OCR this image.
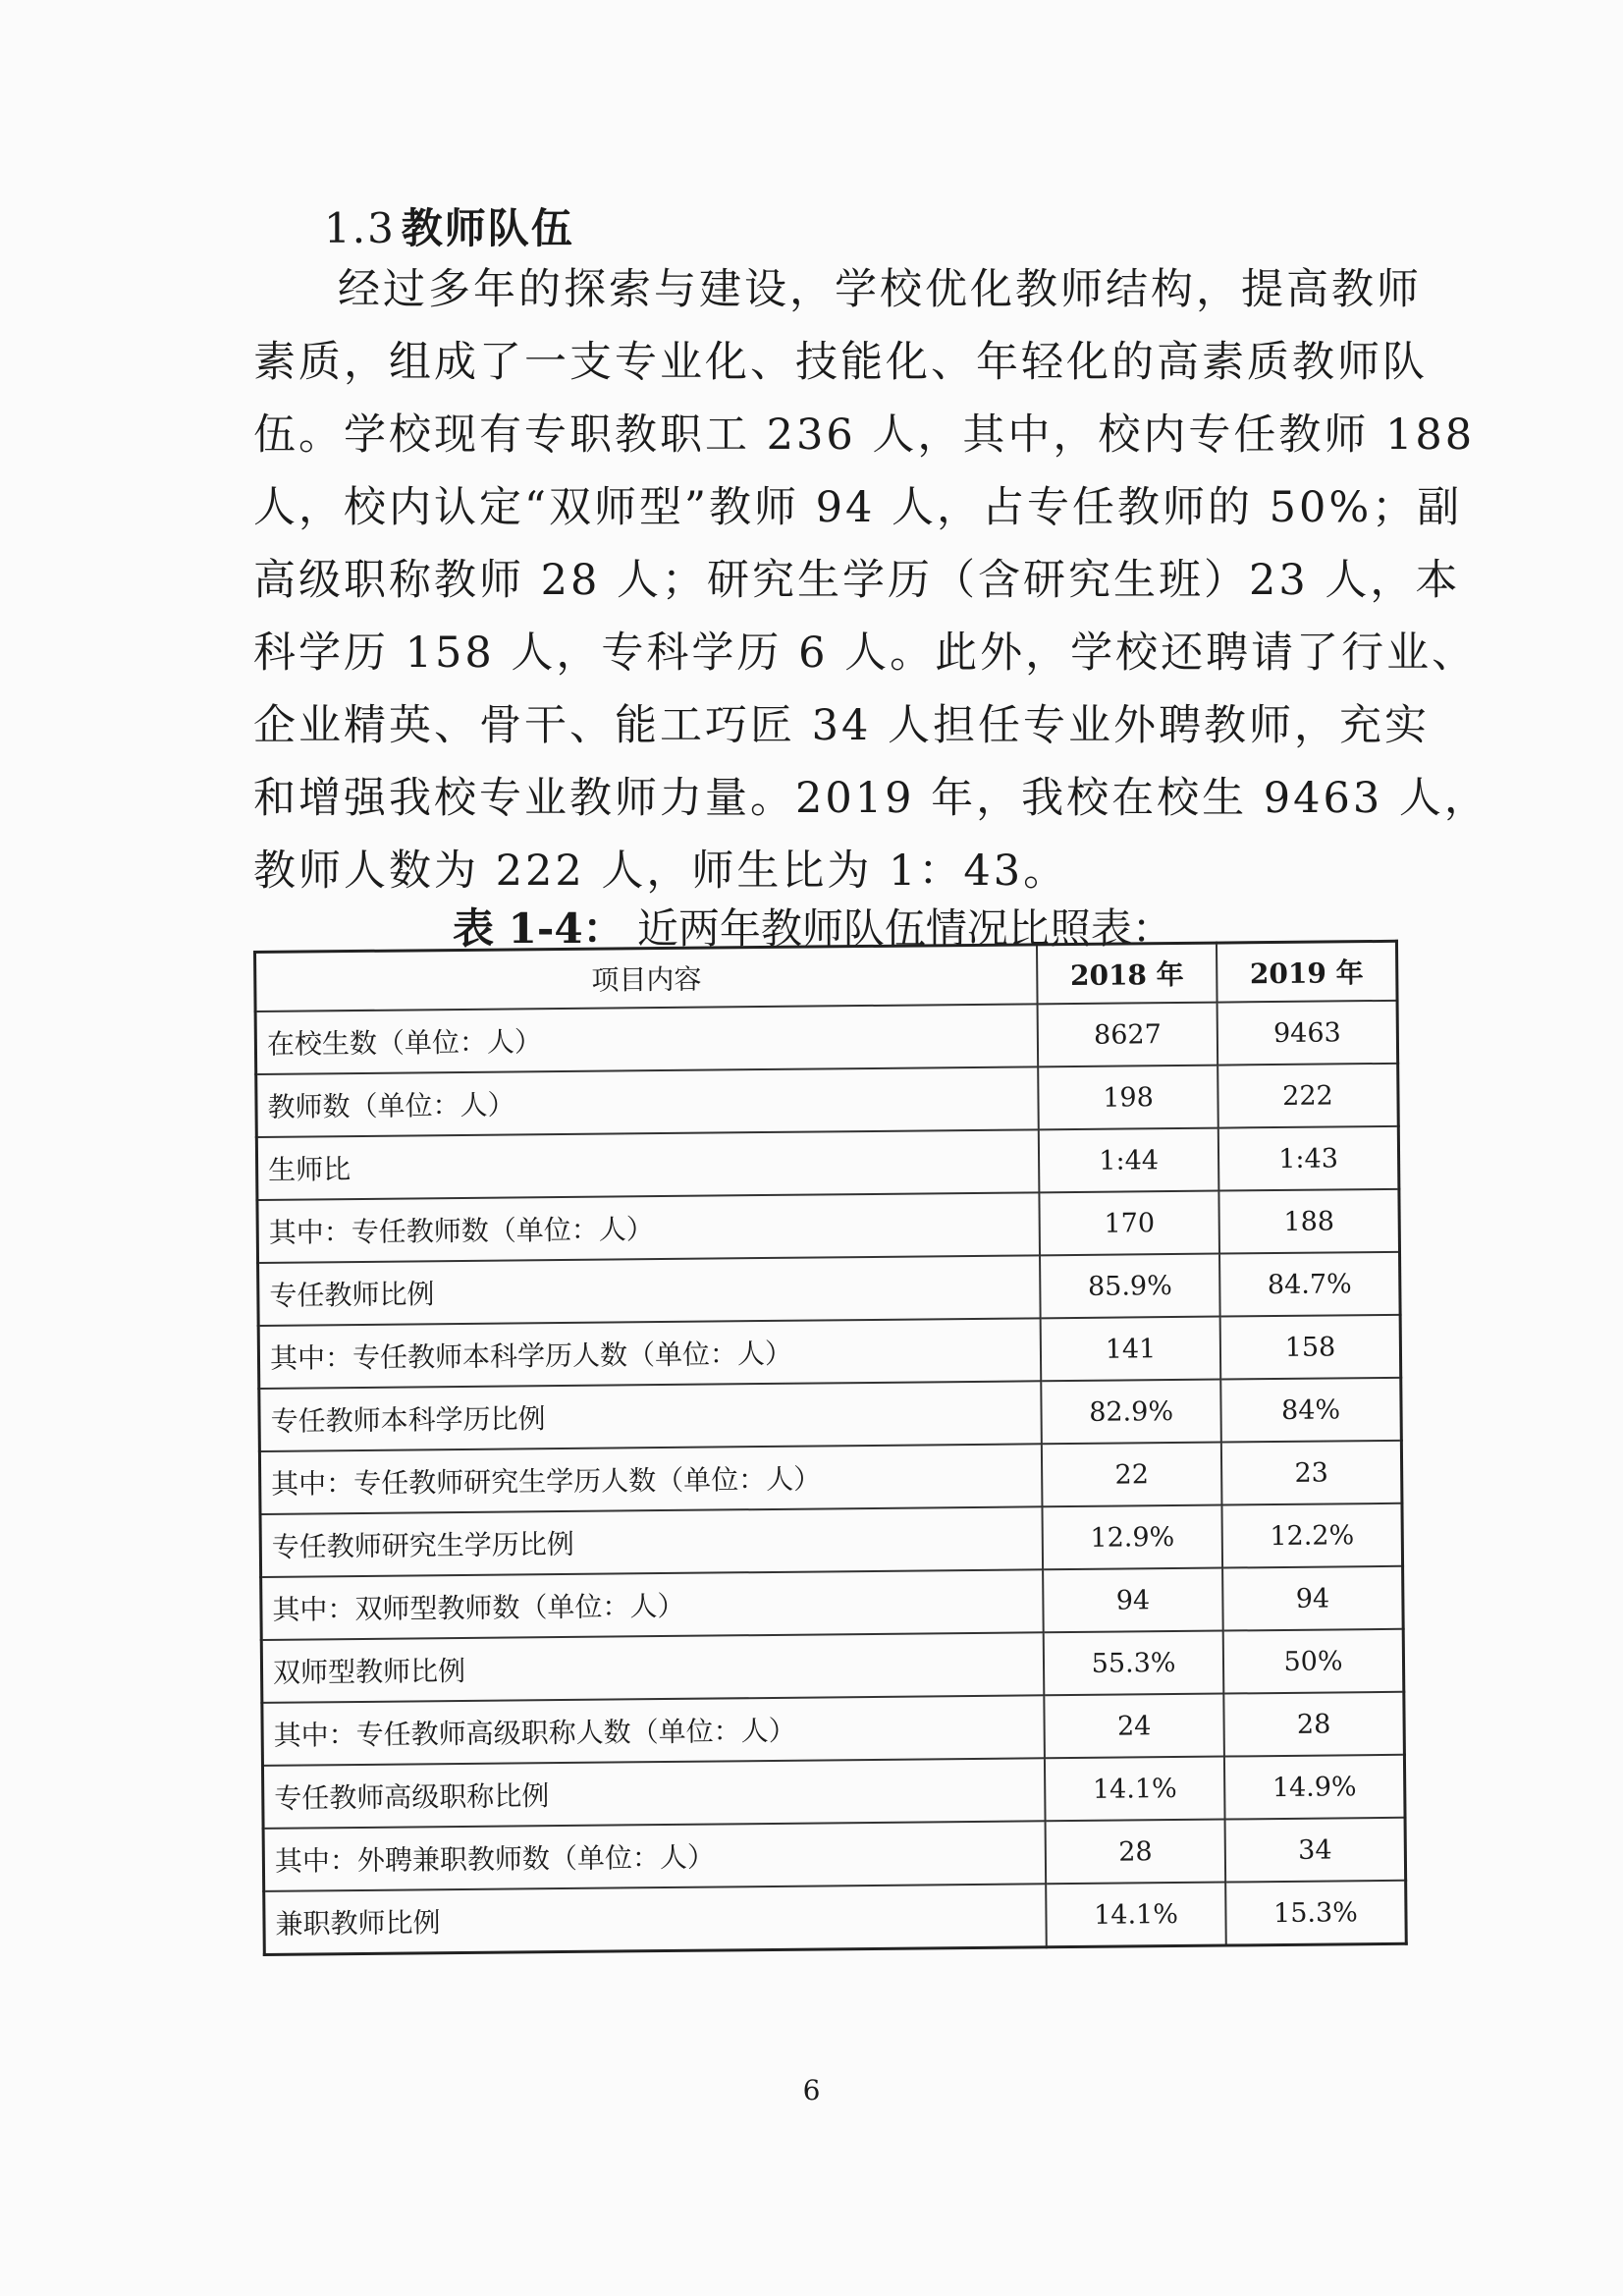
1.3 教师队伍
经过多年的探索与建设，学校优化教师结构，提高教师
素质，组成了一支专业化、技能化、年轻化的高素质教师队
伍。学校现有专职教职工 236 人，其中，校内专任教师 188
人，校内认定“双师型”教师 94 人，占专任教师的 50%；副
高级职称教师 28 人；研究生学历（含研究生班）23 人，本
科学历 158 人，专科学历 6 人。此外，学校还聘请了行业、
企业精英、骨干、能工巧匠 34 人担任专业外聘教师，充实
和增强我校专业教师力量。2019 年，我校在校生 9463 人，
教师人数为 222 人，师生比为 1：43。
表 1-4： 近两年教师队伍情况比照表：
项目内容	2018 年	2019 年
在校生数（单位：人）	8627	9463
教师数（单位：人）	198	222
生师比	1:44	1:43
其中：专任教师数（单位：人）	170	188
专任教师比例	85.9%	84.7%
其中：专任教师本科学历人数（单位：人）	141	158
专任教师本科学历比例	82.9%	84%
其中：专任教师研究生学历人数（单位：人）	22	23
专任教师研究生学历比例	12.9%	12.2%
其中：双师型教师数（单位：人）	94	94
双师型教师比例	55.3%	50%
其中：专任教师高级职称人数（单位：人）	24	28
专任教师高级职称比例	14.1%	14.9%
其中：外聘兼职教师数（单位：人）	28	34
兼职教师比例	14.1%	15.3%
6
